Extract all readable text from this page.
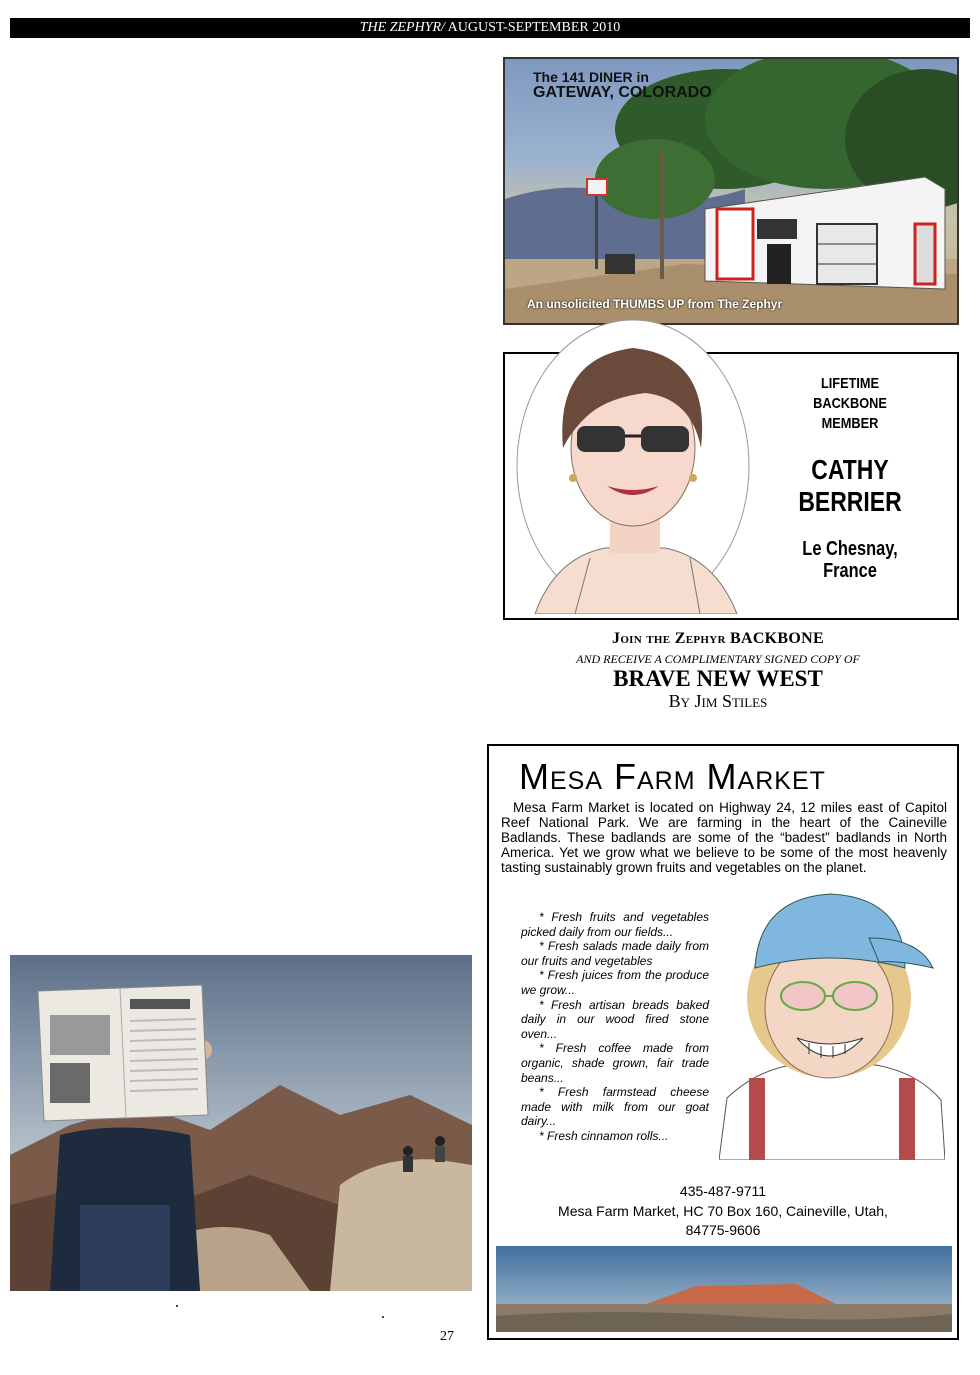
THE ZEPHYR/ AUGUST-SEPTEMBER 2010
The 141 DINER in
GATEWAY, COLORADO
An unsolicited THUMBS UP from The Zephyr
LIFETIME
BACKBONE
MEMBER
CATHY
BERRIER
Le Chesnay,
France
Join the Zephyr BACKBONE
AND RECEIVE A COMPLIMENTARY SIGNED COPY OF
BRAVE NEW WEST
By Jim Stiles
Mesa Farm Market
Mesa Farm Market is located on Highway 24, 12 miles east of Capitol Reef National Park. We are farming in the heart of the Caineville Badlands. These badlands are some of the “badest” badlands in North America. Yet we grow what we believe to be some of the most heavenly tasting sustainably grown fruits and vegetables on the planet.
* Fresh fruits and vegetables picked daily from our fields...
* Fresh salads made daily from our fruits and vegetables
* Fresh juices from the produce we grow...
* Fresh artisan breads baked daily in our wood fired stone oven...
* Fresh coffee made from organic, shade grown, fair trade beans...
* Fresh farmstead cheese made with milk from our goat dairy...
* Fresh cinnamon rolls...
435-487-9711
Mesa Farm Market, HC 70 Box 160, Caineville, Utah,
84775-9606
27
